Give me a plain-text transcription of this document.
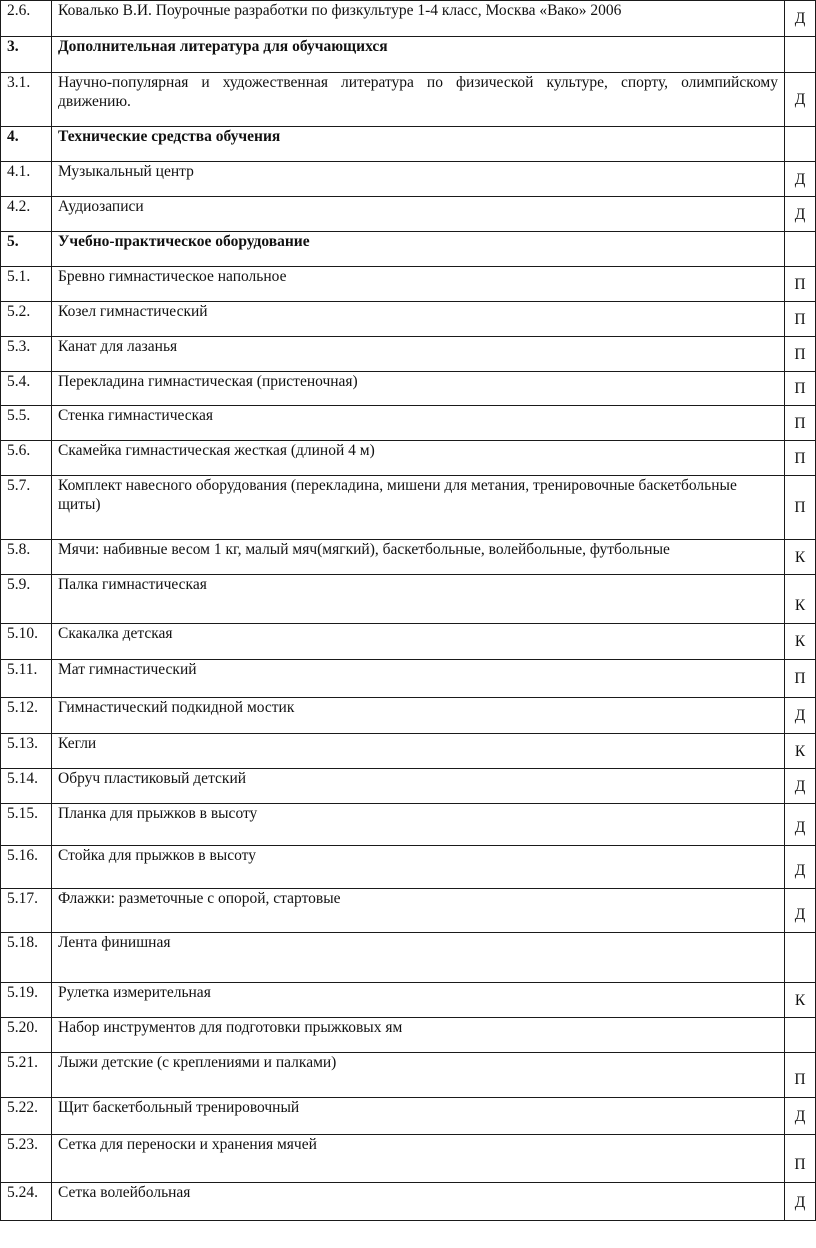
2.6.	Ковалько В.И. Поурочные разработки по физкультуре 1-4 класс, Москва «Вако» 2006	Д
3.	Дополнительная литература для обучающихся	
3.1.	Научно-популярная и художественная литература по физической культуре, спорту, олимпийскому движению.	Д
4.	Технические средства обучения	
4.1.	Музыкальный центр	Д
4.2.	Аудиозаписи	Д
5.	Учебно-практическое оборудование	
5.1.	Бревно гимнастическое напольное	П
5.2.	Козел гимнастический	П
5.3.	Канат для лазанья	П
5.4.	Перекладина гимнастическая (пристеночная)	П
5.5.	Стенка гимнастическая	П
5.6.	Скамейка гимнастическая жесткая (длиной 4 м)	П
5.7.	Комплект навесного оборудования (перекладина, мишени для метания, тренировочные баскетбольные щиты)	П
5.8.	Мячи: набивные весом 1 кг, малый мяч(мягкий), баскетбольные, волейбольные, футбольные	К
5.9.	Палка гимнастическая	К
5.10.	Скакалка детская	К
5.11.	Мат гимнастический	П
5.12.	Гимнастический подкидной мостик	Д
5.13.	Кегли	К
5.14.	Обруч пластиковый детский	Д
5.15.	Планка для прыжков в высоту	Д
5.16.	Стойка для прыжков в высоту	Д
5.17.	Флажки: разметочные с опорой, стартовые	Д
5.18.	Лента финишная	
5.19.	Рулетка измерительная	К
5.20.	Набор инструментов для подготовки прыжковых ям	
5.21.	Лыжи детские (с креплениями и палками)	П
5.22.	Щит баскетбольный тренировочный	Д
5.23.	Сетка для переноски и хранения мячей	П
5.24.	Сетка волейбольная	Д
